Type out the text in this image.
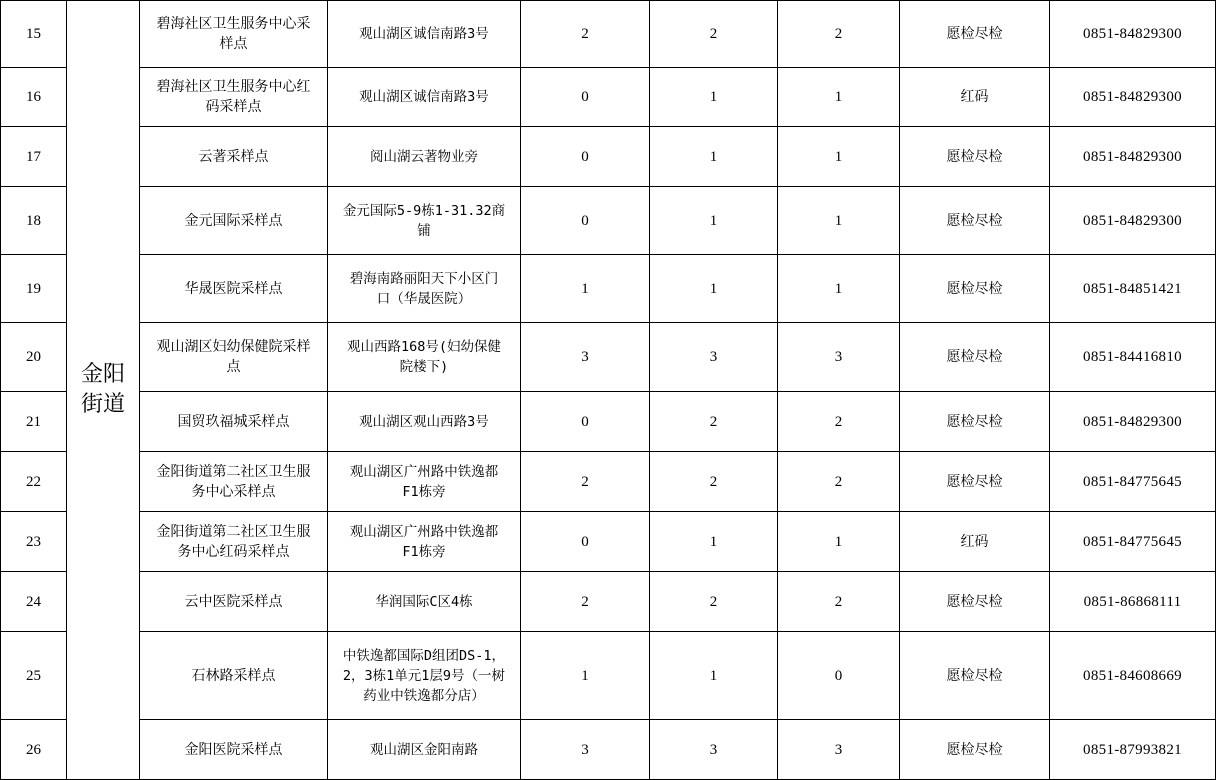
15	金阳
街道	碧海社区卫生服务中心采
样点	观山湖区诚信南路3号	2	2	2	愿检尽检	0851-84829300
16		碧海社区卫生服务中心红
码采样点	观山湖区诚信南路3号	0	1	1	红码	0851-84829300
17		云著采样点	阅山湖云著物业旁	0	1	1	愿检尽检	0851-84829300
18		金元国际采样点	金元国际5-9栋1-31.32商
铺	0	1	1	愿检尽检	0851-84829300
19		华晟医院采样点	碧海南路丽阳天下小区门
口（华晟医院）	1	1	1	愿检尽检	0851-84851421
20		观山湖区妇幼保健院采样
点	观山西路168号(妇幼保健
院楼下)	3	3	3	愿检尽检	0851-84416810
21		国贸玖福城采样点	观山湖区观山西路3号	0	2	2	愿检尽检	0851-84829300
22		金阳街道第二社区卫生服
务中心采样点	观山湖区广州路中铁逸都
F1栋旁	2	2	2	愿检尽检	0851-84775645
23		金阳街道第二社区卫生服
务中心红码采样点	观山湖区广州路中铁逸都
F1栋旁	0	1	1	红码	0851-84775645
24		云中医院采样点	华润国际C区4栋	2	2	2	愿检尽检	0851-86868111
25		石林路采样点	中铁逸都国际D组团DS-1，
2，3栋1单元1层9号（一树
药业中铁逸都分店）	1	1	0	愿检尽检	0851-84608669
26		金阳医院采样点	观山湖区金阳南路	3	3	3	愿检尽检	0851-87993821
